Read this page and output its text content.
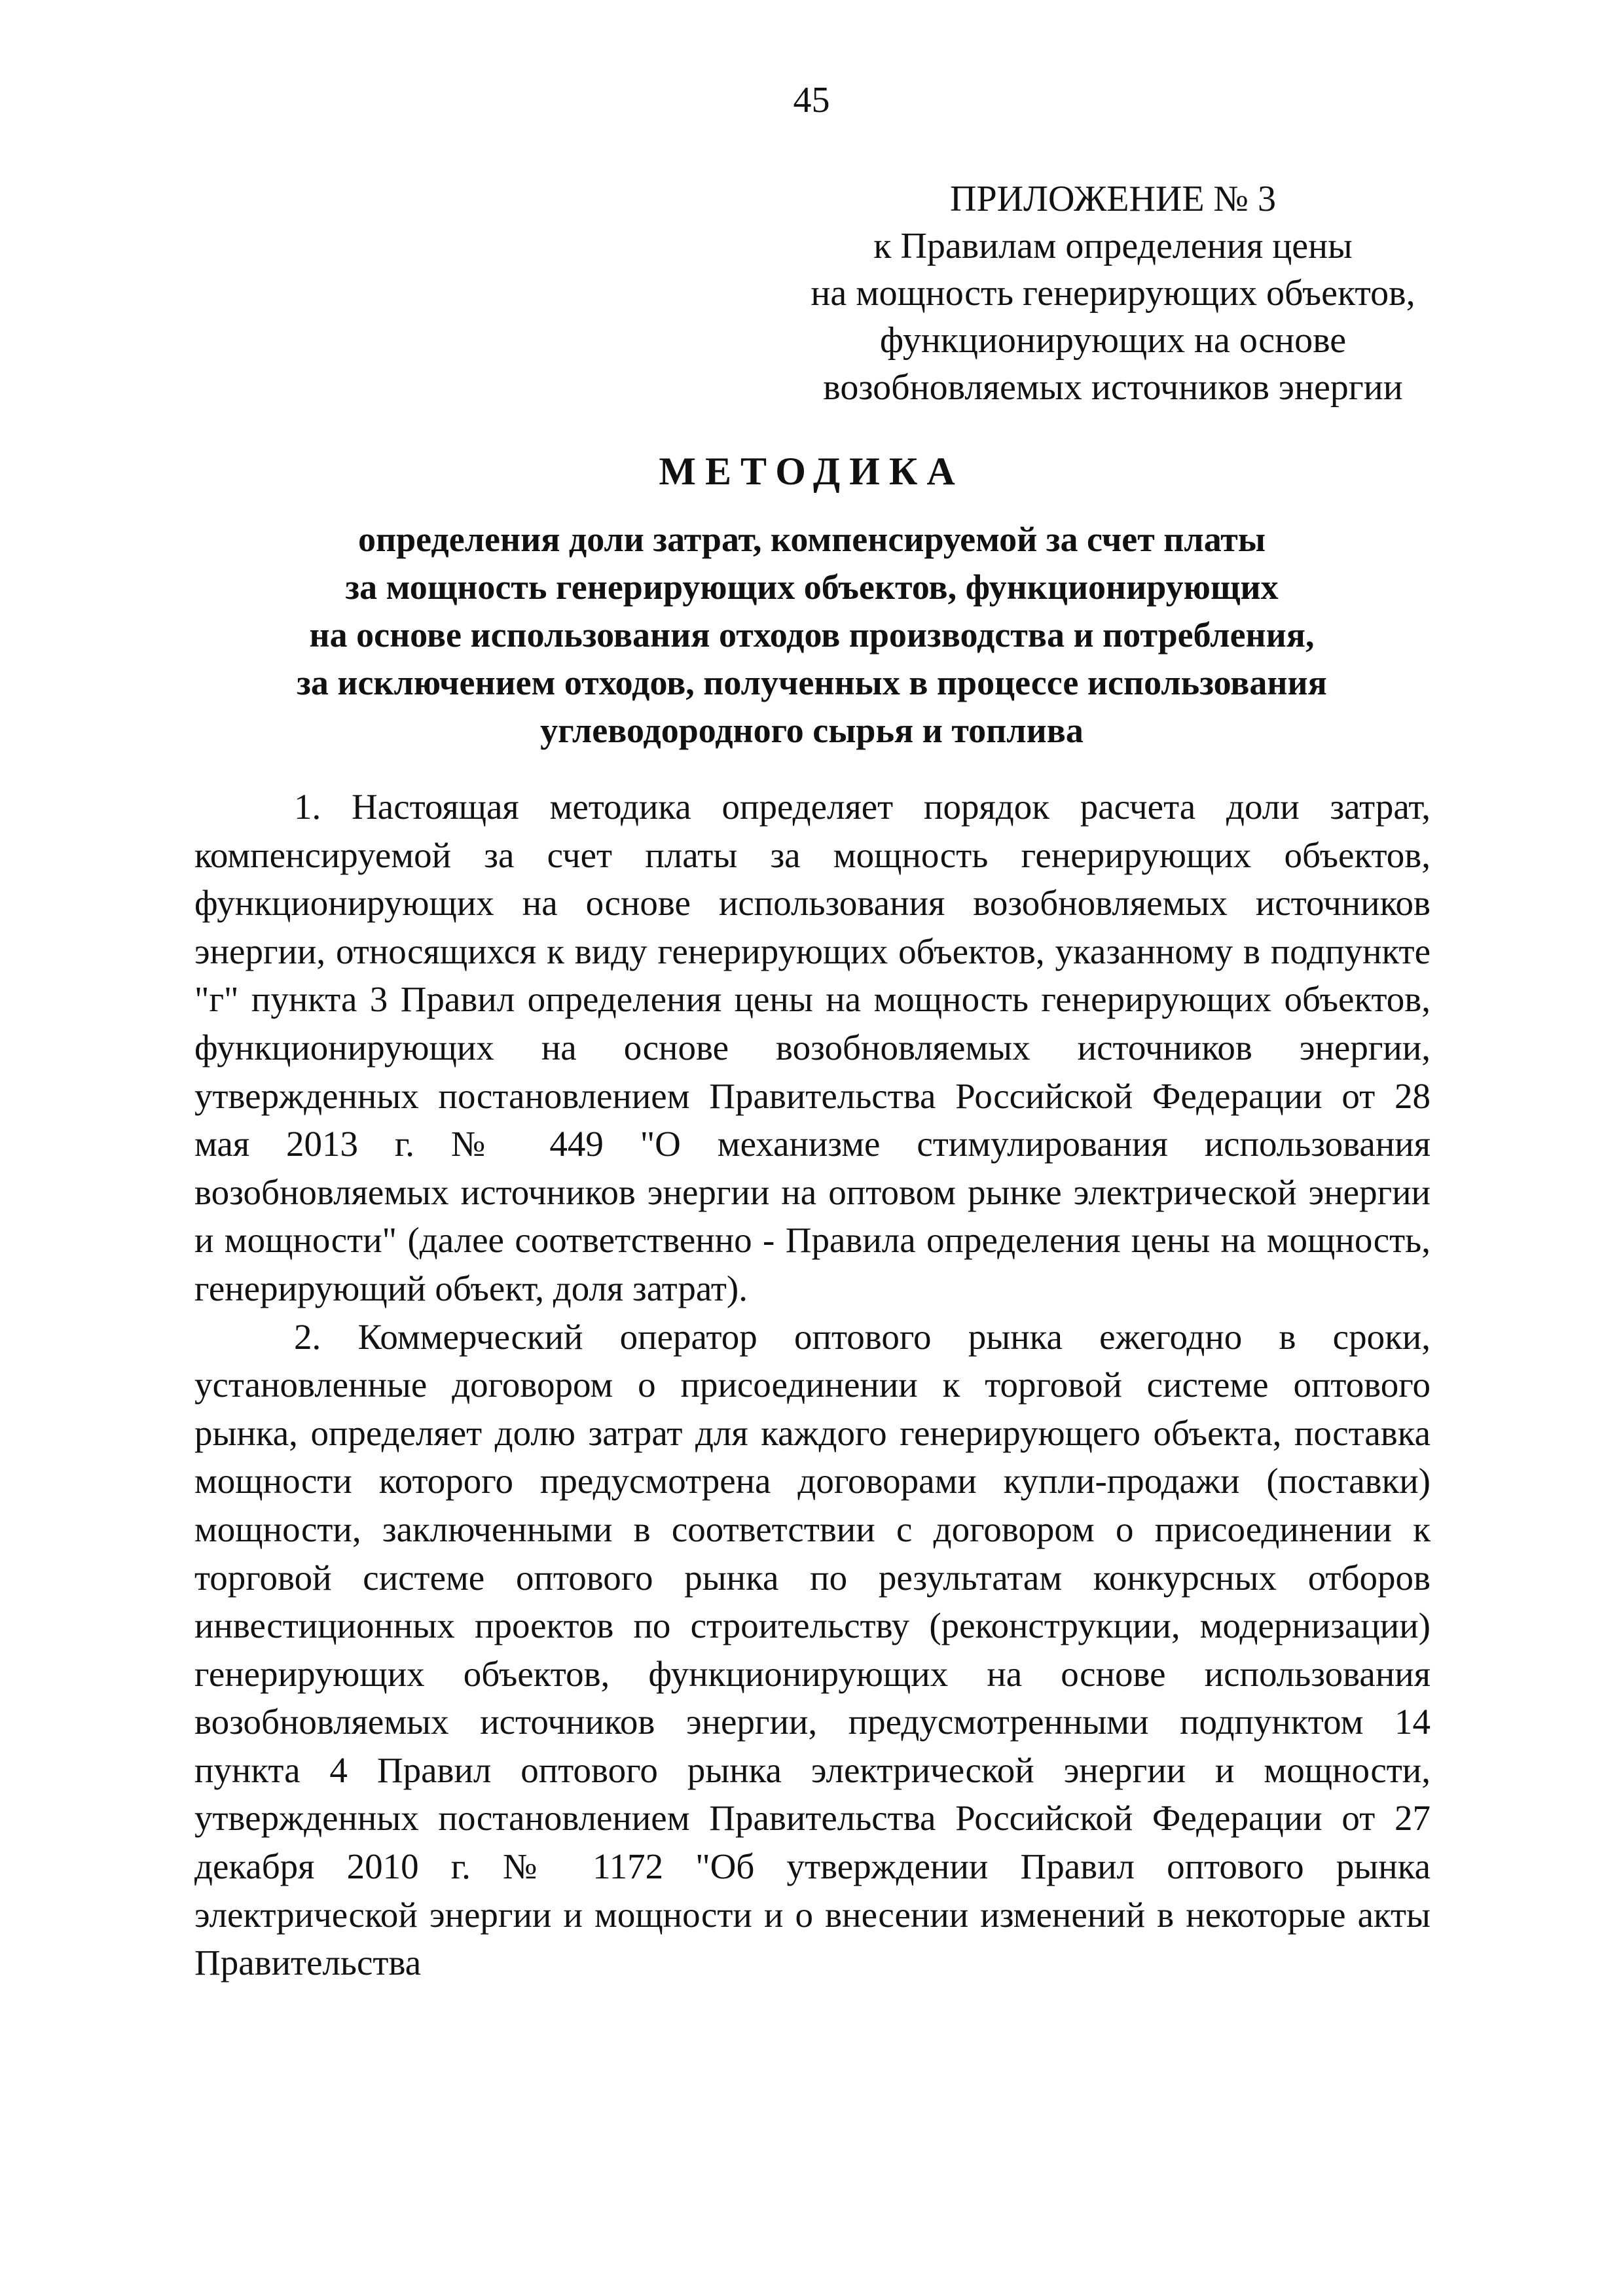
45
ПРИЛОЖЕНИЕ № 3
к Правилам определения цены
на мощность генерирующих объектов,
функционирующих на основе
возобновляемых источников энергии
МЕТОДИКА
определения доли затрат, компенсируемой за счет платы
за мощность генерирующих объектов, функционирующих
на основе использования отходов производства и потребления,
за исключением отходов, полученных в процессе использования
углеводородного сырья и топлива

1. Настоящая методика определяет порядок расчета доли затрат, компенсируемой за счет платы за мощность генерирующих объектов, функционирующих на основе использования возобновляемых источников энергии, относящихся к виду генерирующих объектов, указанному в подпункте "г" пункта 3 Правил определения цены на мощность генерирующих объектов, функционирующих на основе возобновляемых источников энергии, утвержденных постановлением Правительства Российской Федерации от 28 мая 2013 г. № 449 "О механизме стимулирования использования возобновляемых источников энергии на оптовом рынке электрической энергии и мощности" (далее соответственно - Правила определения цены на мощность, генерирующий объект, доля затрат).

2. Коммерческий оператор оптового рынка ежегодно в сроки, установленные договором о присоединении к торговой системе оптового рынка, определяет долю затрат для каждого генерирующего объекта, поставка мощности которого предусмотрена договорами купли-продажи (поставки) мощности, заключенными в соответствии с договором о присоединении к торговой системе оптового рынка по результатам конкурсных отборов инвестиционных проектов по строительству (реконструкции, модернизации) генерирующих объектов, функционирующих на основе использования возобновляемых источников энергии, предусмотренными подпунктом 14 пункта 4 Правил оптового рынка электрической энергии и мощности, утвержденных постановлением Правительства Российской Федерации от 27 декабря 2010 г. № 1172 "Об утверждении Правил оптового рынка электрической энергии и мощности и о внесении изменений в некоторые акты Правительства
